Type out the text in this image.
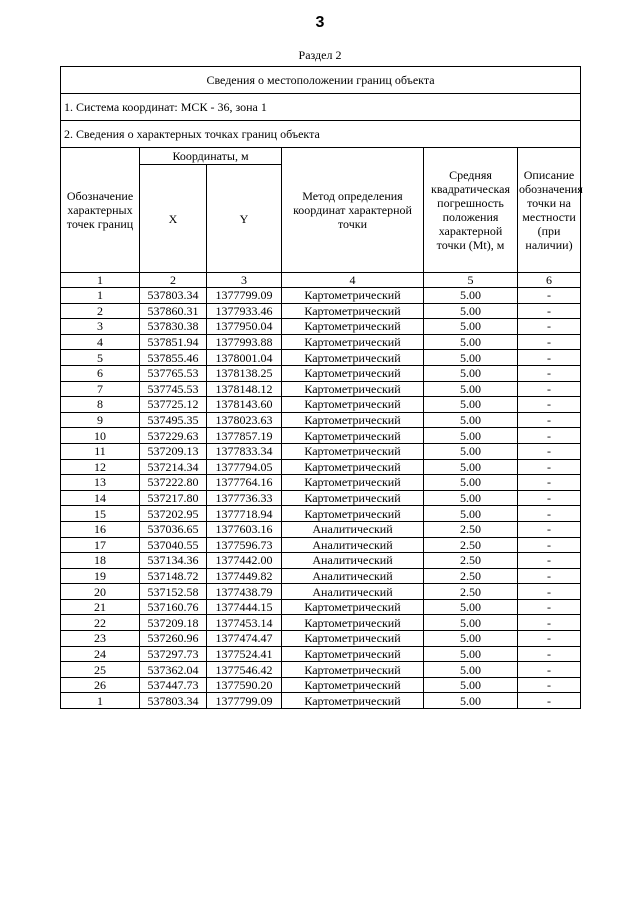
3
Раздел 2
Сведения о местоположении границ объекта					
1. Система координат: МСК - 36, зона 1					
2. Сведения о характерных точках границ объекта					
Обозначение характерных точек границ	Координаты, м		Метод определения координат характерной точки	Средняя квадратическая погрешность положения характерной точки (Mt), м	Описание обозначения точки на местности (при наличии)
	X	Y			
1	2	3	4	5	6
1	537803.34	1377799.09	Картометрический	5.00	-
2	537860.31	1377933.46	Картометрический	5.00	-
3	537830.38	1377950.04	Картометрический	5.00	-
4	537851.94	1377993.88	Картометрический	5.00	-
5	537855.46	1378001.04	Картометрический	5.00	-
6	537765.53	1378138.25	Картометрический	5.00	-
7	537745.53	1378148.12	Картометрический	5.00	-
8	537725.12	1378143.60	Картометрический	5.00	-
9	537495.35	1378023.63	Картометрический	5.00	-
10	537229.63	1377857.19	Картометрический	5.00	-
11	537209.13	1377833.34	Картометрический	5.00	-
12	537214.34	1377794.05	Картометрический	5.00	-
13	537222.80	1377764.16	Картометрический	5.00	-
14	537217.80	1377736.33	Картометрический	5.00	-
15	537202.95	1377718.94	Картометрический	5.00	-
16	537036.65	1377603.16	Аналитический	2.50	-
17	537040.55	1377596.73	Аналитический	2.50	-
18	537134.36	1377442.00	Аналитический	2.50	-
19	537148.72	1377449.82	Аналитический	2.50	-
20	537152.58	1377438.79	Аналитический	2.50	-
21	537160.76	1377444.15	Картометрический	5.00	-
22	537209.18	1377453.14	Картометрический	5.00	-
23	537260.96	1377474.47	Картометрический	5.00	-
24	537297.73	1377524.41	Картометрический	5.00	-
25	537362.04	1377546.42	Картометрический	5.00	-
26	537447.73	1377590.20	Картометрический	5.00	-
1	537803.34	1377799.09	Картометрический	5.00	-
